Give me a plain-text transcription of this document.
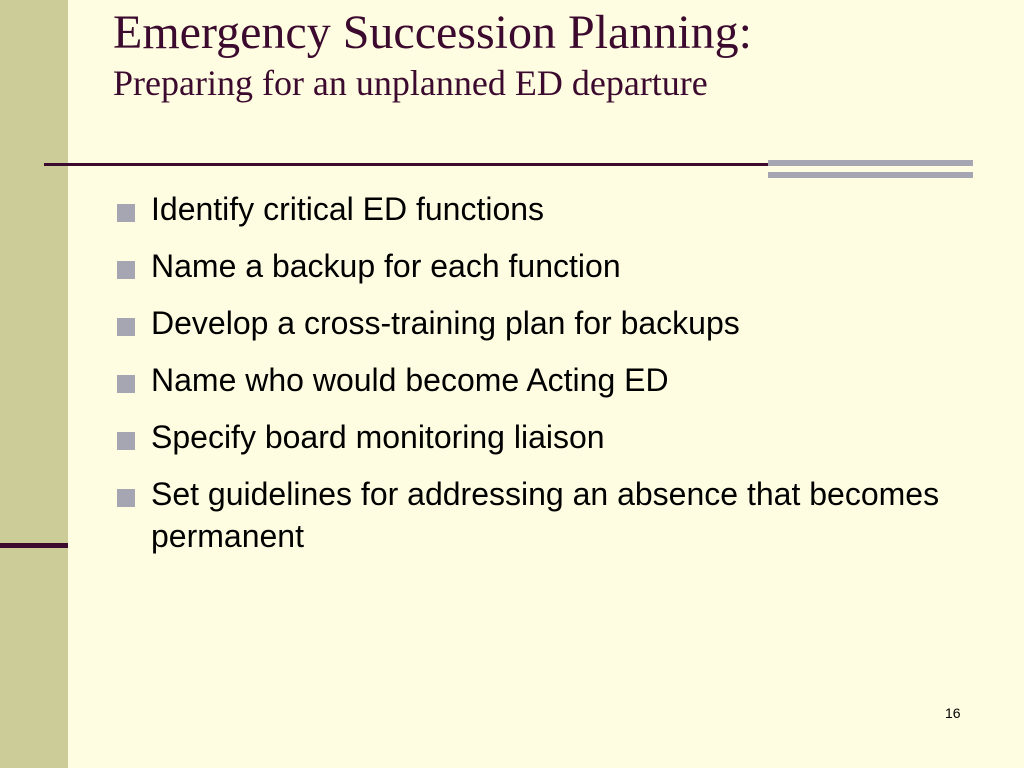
Emergency Succession Planning:
Preparing for an unplanned ED departure
Identify critical ED functions
Name a backup for each function
Develop a cross-training plan for backups
Name who would become Acting ED
Specify board monitoring liaison
Set guidelines for addressing an absence that becomes permanent
16
